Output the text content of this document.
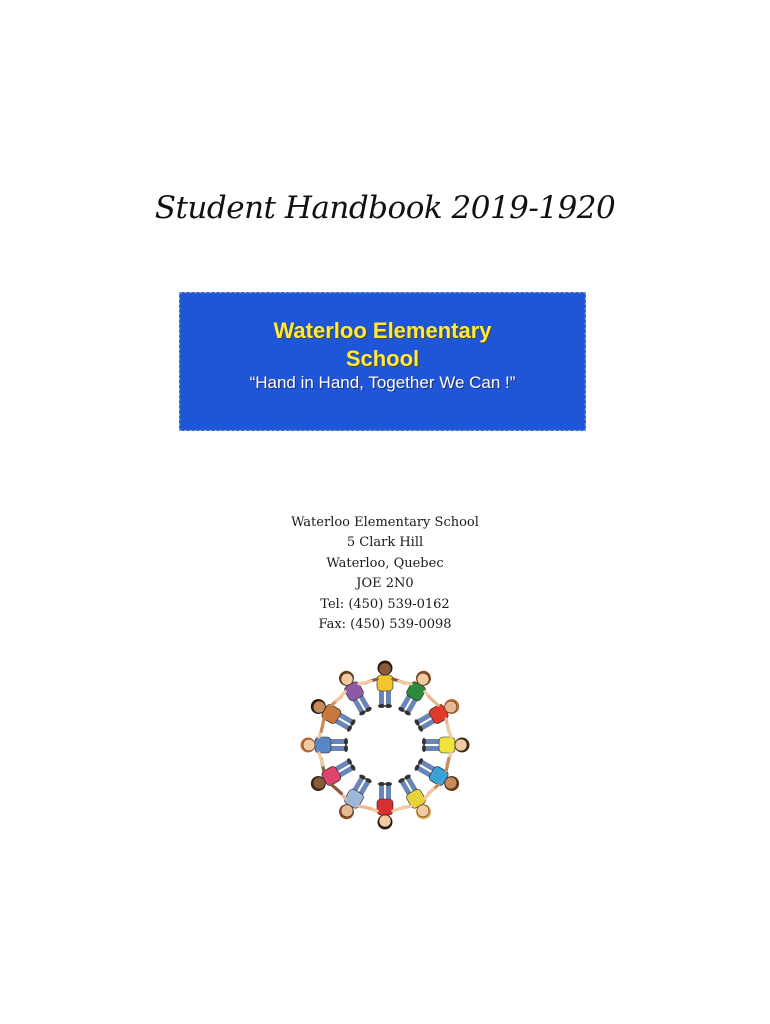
Student Handbook 2019-1920
Waterloo Elementary
School
“Hand in Hand, Together We Can !”
Waterloo Elementary School
5 Clark Hill
Waterloo, Quebec
JOE 2N0
Tel: (450) 539-0162
Fax: (450) 539-0098
